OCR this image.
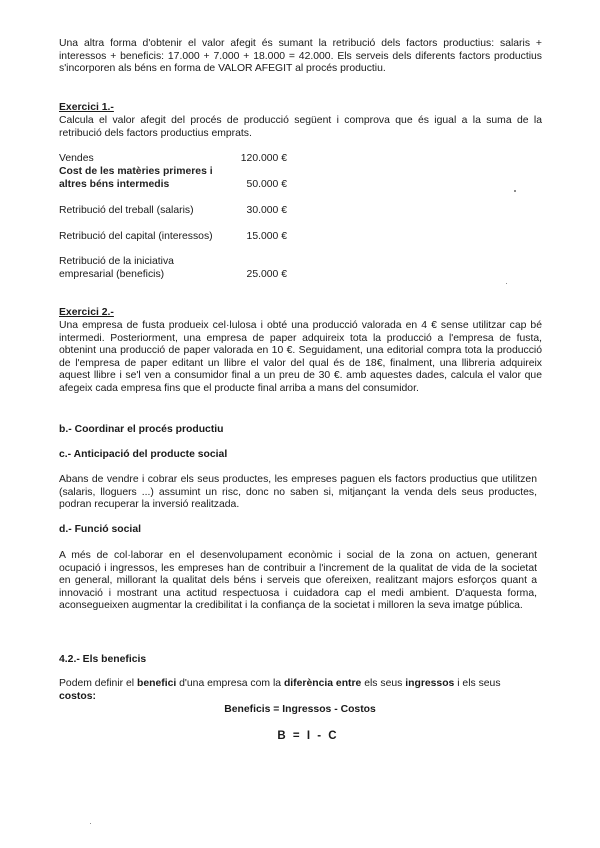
Una altra forma d'obtenir el valor afegit és sumant la retribució dels factors productius: salaris + interessos + beneficis: 17.000 + 7.000 + 18.000 = 42.000. Els serveis dels diferents factors productius s'incorporen als béns en forma de VALOR AFEGIT al procés productiu.

Exercici 1.-

Calcula el valor afegit del procés de producció següent i comprova que és igual a la suma de la retribució dels factors productius emprats.

Vendes	120.000 €
Cost de les matèries primeres i altres béns intermedis	50.000 €
Retribució del treball (salaris)	30.000 €
Retribució del capital (interessos)	15.000 €
Retribució de la iniciativa empresarial (beneficis)	25.000 €

Exercici 2.-

Una empresa de fusta produeix cel·lulosa i obté una producció valorada en 4 € sense utilitzar cap bé intermedi. Posteriorment, una empresa de paper adquireix tota la producció a l'empresa de fusta, obtenint una producció de paper valorada en 10 €. Seguidament, una editorial compra tota la producció de l'empresa de paper editant un llibre el valor del qual és de 18€, finalment, una llibreria adquireix aquest llibre i se'l ven a consumidor final a un preu de 30 €. amb aquestes dades, calcula el valor que afegeix cada empresa fins que el producte final arriba a mans del consumidor.

b.- Coordinar el procés productiu

c.- Anticipació del producte social

Abans de vendre i cobrar els seus productes, les empreses paguen els factors productius que utilitzen (salaris, lloguers ...) assumint un risc, donc no saben si, mitjançant la venda dels seus productes, podran recuperar la inversió realitzada.

d.- Funció social

A més de col·laborar en el desenvolupament econòmic i social de la zona on actuen, generant ocupació i ingressos, les empreses han de contribuir a l'increment de la qualitat de vida de la societat en general, millorant la qualitat dels béns i serveis que ofereixen, realitzant majors esforços quant a innovació i mostrant una actitud respectuosa i cuidadora cap el medi ambient. D'aquesta forma, aconsegueixen augmentar la credibilitat i la confiança de la societat i milloren la seva imatge pública.

4.2.- Els beneficis

Podem definir el benefici d'una empresa com la diferència entre els seus ingressos i els seus costos:

Beneficis = Ingressos - Costos
B = I - C
